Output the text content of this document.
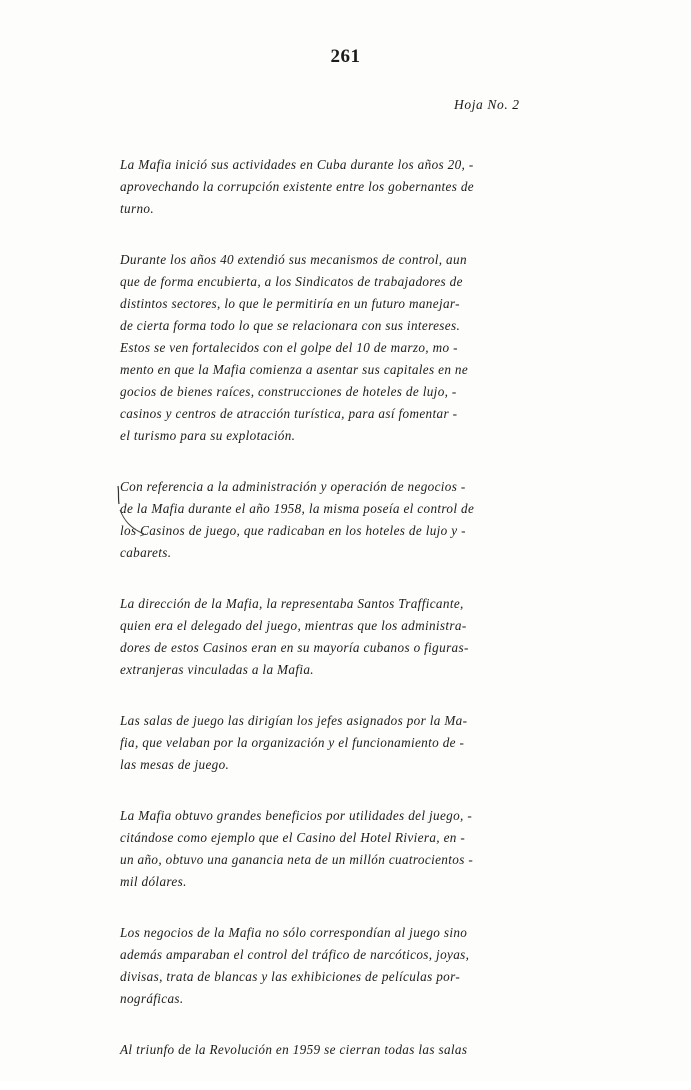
261
Hoja No. 2

La Mafia inició sus actividades en Cuba durante los años 20, -
aprovechando la corrupción existente entre los gobernantes de
turno.

Durante los años 40 extendió sus mecanismos de control, aun
que de forma encubierta, a los Sindicatos de trabajadores de
distintos sectores, lo que le permitiría en un futuro manejar-
de cierta forma todo lo que se relacionara con sus intereses.
Estos se ven fortalecidos con el golpe del 10 de marzo, mo -
mento en que la Mafia comienza a asentar sus capitales en ne
gocios de bienes raíces, construcciones de hoteles de lujo, -
casinos y centros de atracción turística, para así fomentar -
el turismo para su explotación.

Con referencia a la administración y operación de negocios -
de la Mafia durante el año 1958, la misma poseía el control de
los Casinos de juego, que radicaban en los hoteles de lujo y -
cabarets.

La dirección de la Mafia, la representaba Santos Trafficante,
quien era el delegado del juego, mientras que los administra-
dores de estos Casinos eran en su mayoría cubanos o figuras-
extranjeras vinculadas a la Mafia.

Las salas de juego las dirigían los jefes asignados por la Ma-
fia, que velaban por la organización y el funcionamiento de -
las mesas de juego.

La Mafia obtuvo grandes beneficios por utilidades del juego, -
citándose como ejemplo que el Casino del Hotel Riviera, en -
un año, obtuvo una ganancia neta de un millón cuatrocientos -
mil dólares.

Los negocios de la Mafia no sólo correspondían al juego sino
además amparaban el control del tráfico de narcóticos, joyas,
divisas, trata de blancas y las exhibiciones de películas por-
nográficas.

Al triunfo de la Revolución en 1959 se cierran todas las salas
